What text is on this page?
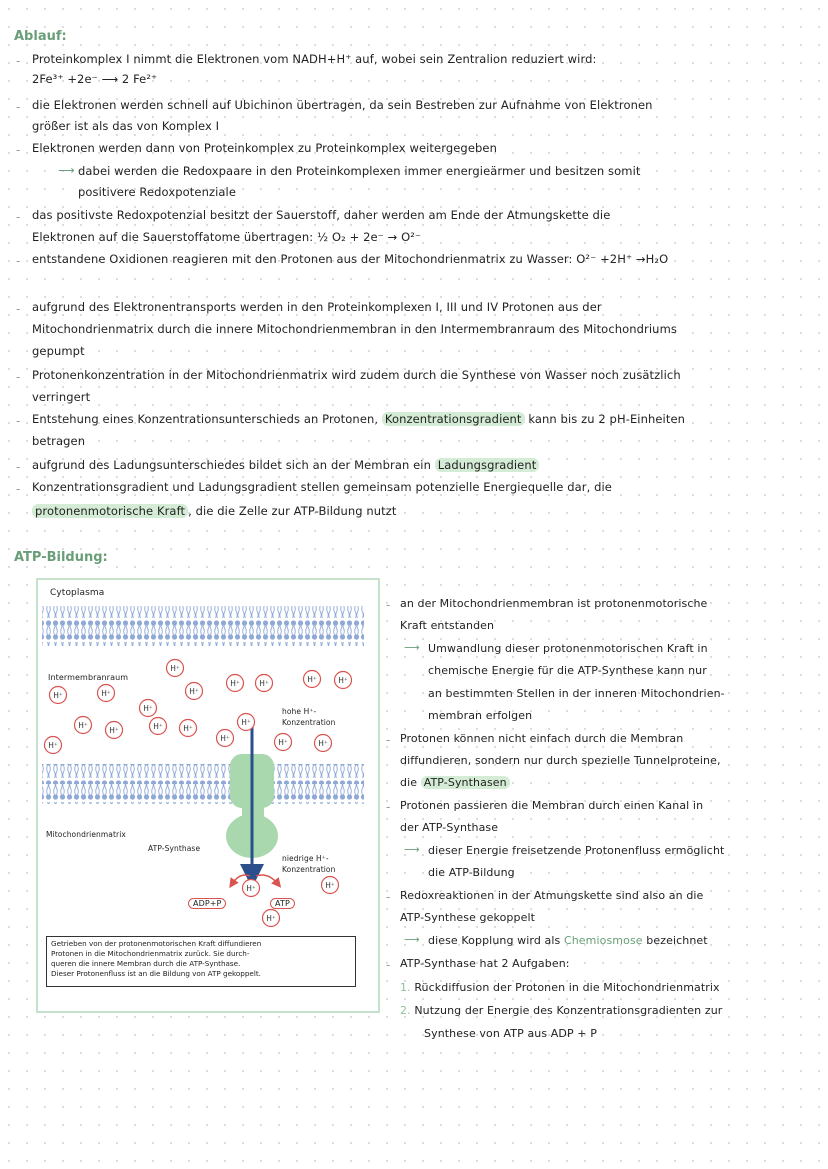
Ablauf:
- Proteinkomplex I nimmt die Elektronen vom NADH+H⁺ auf, wobei sein Zentralion reduziert wird:
2Fe³⁺ +2e⁻ ⟶ 2 Fe²⁺
- die Elektronen werden schnell auf Ubichinon übertragen, da sein Bestreben zur Aufnahme von Elektronen
größer ist als das von Komplex I
- Elektronen werden dann von Proteinkomplex zu Proteinkomplex weitergegeben
⟶ dabei werden die Redoxpaare in den Proteinkomplexen immer energieärmer und besitzen somit
positivere Redoxpotenziale
- das positivste Redoxpotenzial besitzt der Sauerstoff, daher werden am Ende der Atmungskette die
Elektronen auf die Sauerstoffatome übertragen: ½ O₂ + 2e⁻ → O²⁻
- entstandene Oxidionen reagieren mit den Protonen aus der Mitochondrienmatrix zu Wasser: O²⁻ +2H⁺ →H₂O
- aufgrund des Elektronentransports werden in den Proteinkomplexen I, III und IV Protonen aus der
Mitochondrienmatrix durch die innere Mitochondrienmembran in den Intermembranraum des Mitochondriums
gepumpt
- Protonenkonzentration in der Mitochondrienmatrix wird zudem durch die Synthese von Wasser noch zusätzlich
verringert
- Entstehung eines Konzentrationsunterschieds an Protonen, Konzentrationsgradient kann bis zu 2 pH-Einheiten
betragen
- aufgrund des Ladungsunterschiedes bildet sich an der Membran ein Ladungsgradient
- Konzentrationsgradient und Ladungsgradient stellen gemeinsam potenzielle Energiequelle dar, die
protonenmotorische Kraft , die die Zelle zur ATP-Bildung nutzt
ATP-Bildung:
H⁺
H⁺	H⁺	H⁺
H⁺	H⁺	H⁺	H⁺
H⁺
H⁺
H⁺
H⁺	H⁺	H⁺
H⁺
H⁺	H⁺	H⁺
H⁺
H⁺
H⁺
Cytoplasma
Intermembranraum
hohe H⁺-
Konzentration
Mitochondrienmatrix
ATP-Synthase
niedrige H⁺-
Konzentration
ADP+P	ATP
Getrieben von der protonenmotorischen Kraft diffundieren
Protonen in die Mitochondrienmatrix zurück. Sie durch-
queren die innere Membran durch die ATP-Synthase.
Dieser Protonenfluss ist an die Bildung von ATP gekoppelt.
- an der Mitochondrienmembran ist protonenmotorische
Kraft entstanden
⟶ Umwandlung dieser protonenmotorischen Kraft in
chemische Energie für die ATP-Synthese kann nur
an bestimmten Stellen in der inneren Mitochondrien-
membran erfolgen
- Protonen können nicht einfach durch die Membran
diffundieren, sondern nur durch spezielle Tunnelproteine,
die ATP-Synthasen
- Protonen passieren die Membran durch einen Kanal in
der ATP-Synthase
⟶ dieser Energie freisetzende Protonenfluss ermöglicht
die ATP-Bildung
- Redoxreaktionen in der Atmungskette sind also an die
ATP-Synthese gekoppelt
⟶ diese Kopplung wird als Chemiosmose bezeichnet
- ATP-Synthase hat 2 Aufgaben:
1. Rückdiffusion der Protonen in die Mitochondrienmatrix
2. Nutzung der Energie des Konzentrationsgradienten zur
Synthese von ATP aus ADP + P
